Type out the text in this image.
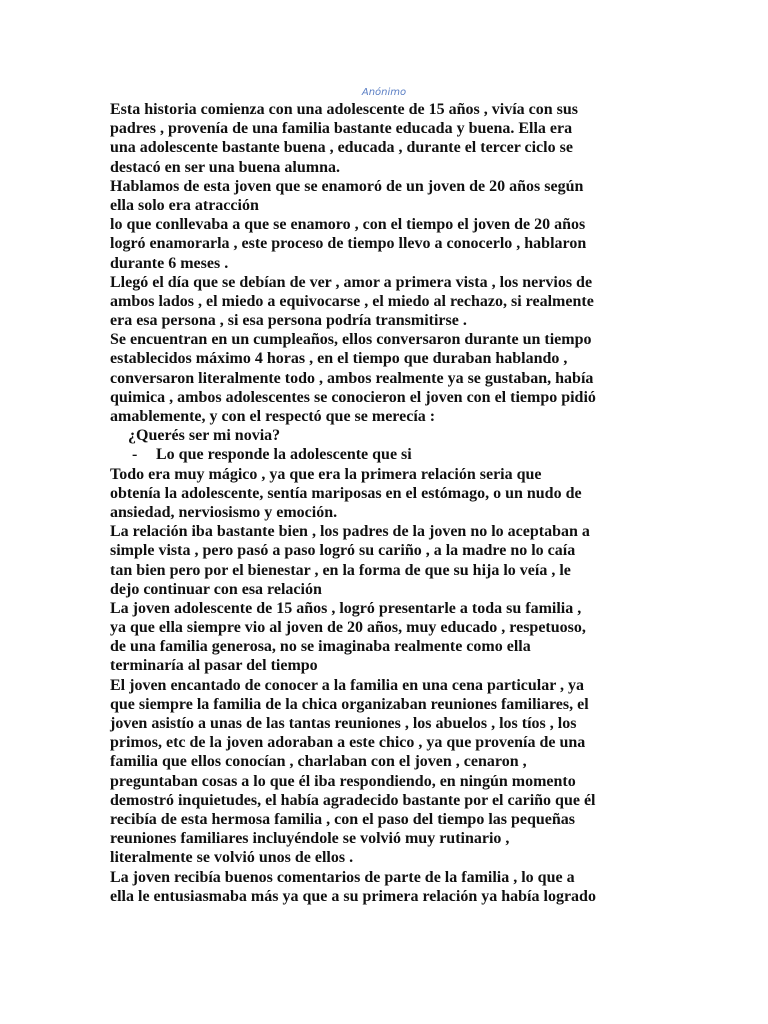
Anónimo
Esta historia comienza con una adolescente de 15 años , vivía con sus
padres , provenía de una familia bastante educada y buena. Ella era
una adolescente bastante buena , educada , durante el tercer ciclo se
destacó en ser una buena alumna.
Hablamos de esta joven que se enamoró de un joven de 20 años según
ella solo era atracción
lo que conllevaba a que se enamoro , con el tiempo el joven de 20 años
logró enamorarla , este proceso de tiempo llevo a conocerlo , hablaron
durante 6 meses .
Llegó el día que se debían de ver , amor a primera vista , los nervios de
ambos lados , el miedo a equivocarse , el miedo al rechazo, si realmente
era esa persona , si esa persona podría transmitirse .
Se encuentran en un cumpleaños, ellos conversaron durante un tiempo
establecidos máximo 4 horas , en el tiempo que duraban hablando ,
conversaron literalmente todo , ambos realmente ya se gustaban, había
quimica , ambos adolescentes se conocieron el joven con el tiempo pidió
amablemente, y con el respectó que se merecía :
¿Querés ser mi novia?
- Lo que responde la adolescente que si
Todo era muy mágico , ya que era la primera relación seria que
obtenía la adolescente, sentía mariposas en el estómago, o un nudo de
ansiedad, nerviosismo y emoción.
La relación iba bastante bien , los padres de la joven no lo aceptaban a
simple vista , pero pasó a paso logró su cariño , a la madre no lo caía
tan bien pero por el bienestar , en la forma de que su hija lo veía , le
dejo continuar con esa relación
La joven adolescente de 15 años , logró presentarle a toda su familia ,
ya que ella siempre vio al joven de 20 años, muy educado , respetuoso,
de una familia generosa, no se imaginaba realmente como ella
terminaría al pasar del tiempo
El joven encantado de conocer a la familia en una cena particular , ya
que siempre la familia de la chica organizaban reuniones familiares, el
joven asistío a unas de las tantas reuniones , los abuelos , los tíos , los
primos, etc de la joven adoraban a este chico , ya que provenía de una
familia que ellos conocían , charlaban con el joven , cenaron ,
preguntaban cosas a lo que él iba respondiendo, en ningún momento
demostró inquietudes, el había agradecido bastante por el cariño que él
recibía de esta hermosa familia , con el paso del tiempo las pequeñas
reuniones familiares incluyéndole se volvió muy rutinario ,
literalmente se volvió unos de ellos .
La joven recibía buenos comentarios de parte de la familia , lo que a
ella le entusiasmaba más ya que a su primera relación ya había logrado
